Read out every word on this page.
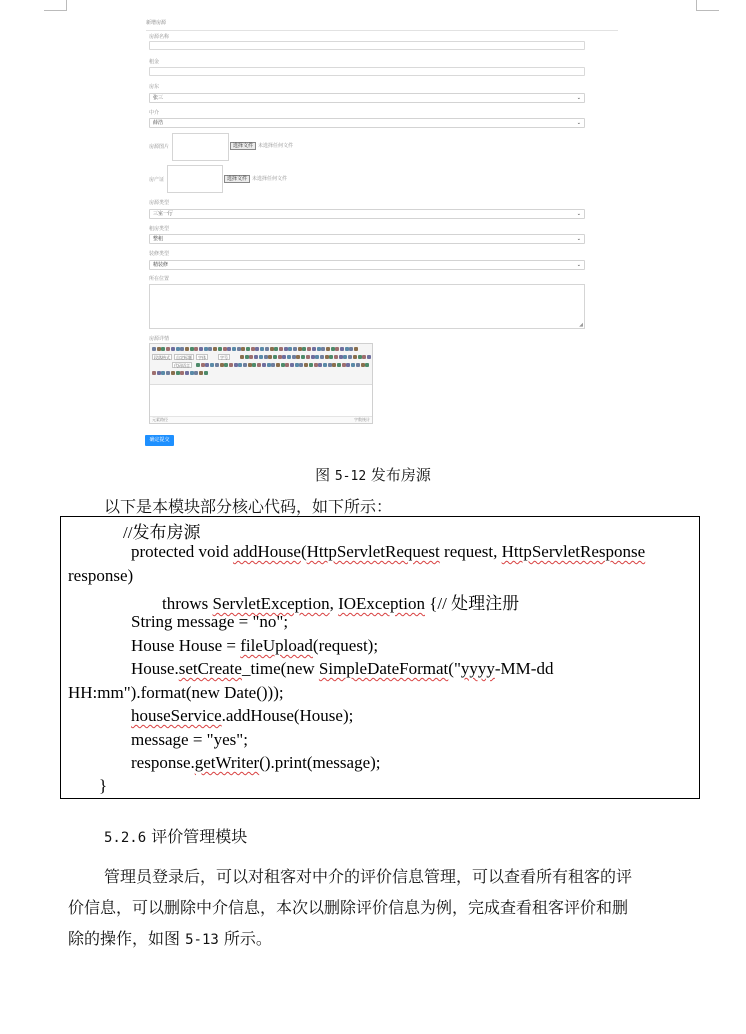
新增房源
房源名称
租金
房东
张三	⌄
中介
薛浩	⌄
房源图片	选择文件 未选择任何文件
房产证	选择文件 未选择任何文件
房源类型
三室一厅	⌄
租房类型
整租	⌄
装修类型
精装修	⌄
所在位置
◢
房源详情
段落格式	自定标题	字体	字号
代码语言
元素路径	字数统计
确定提交
图 5-12 发布房源
以下是本模块部分核心代码，如下所示：
//发布房源
protected void addHouse(HttpServletRequest request, HttpServletResponse
response)
throws ServletException, IOException {// 处理注册
String message = "no";
House House = fileUpload(request);
House.setCreate_time(new SimpleDateFormat("yyyy-MM-dd
HH:mm").format(new Date()));
houseService.addHouse(House);
message = "yes";
response.getWriter().print(message);
}
5.2.6 评价管理模块
管理员登录后，可以对租客对中介的评价信息管理，可以查看所有租客的评
价信息，可以删除中介信息，本次以删除评价信息为例，完成查看租客评价和删
除的操作，如图 5-13 所示。
